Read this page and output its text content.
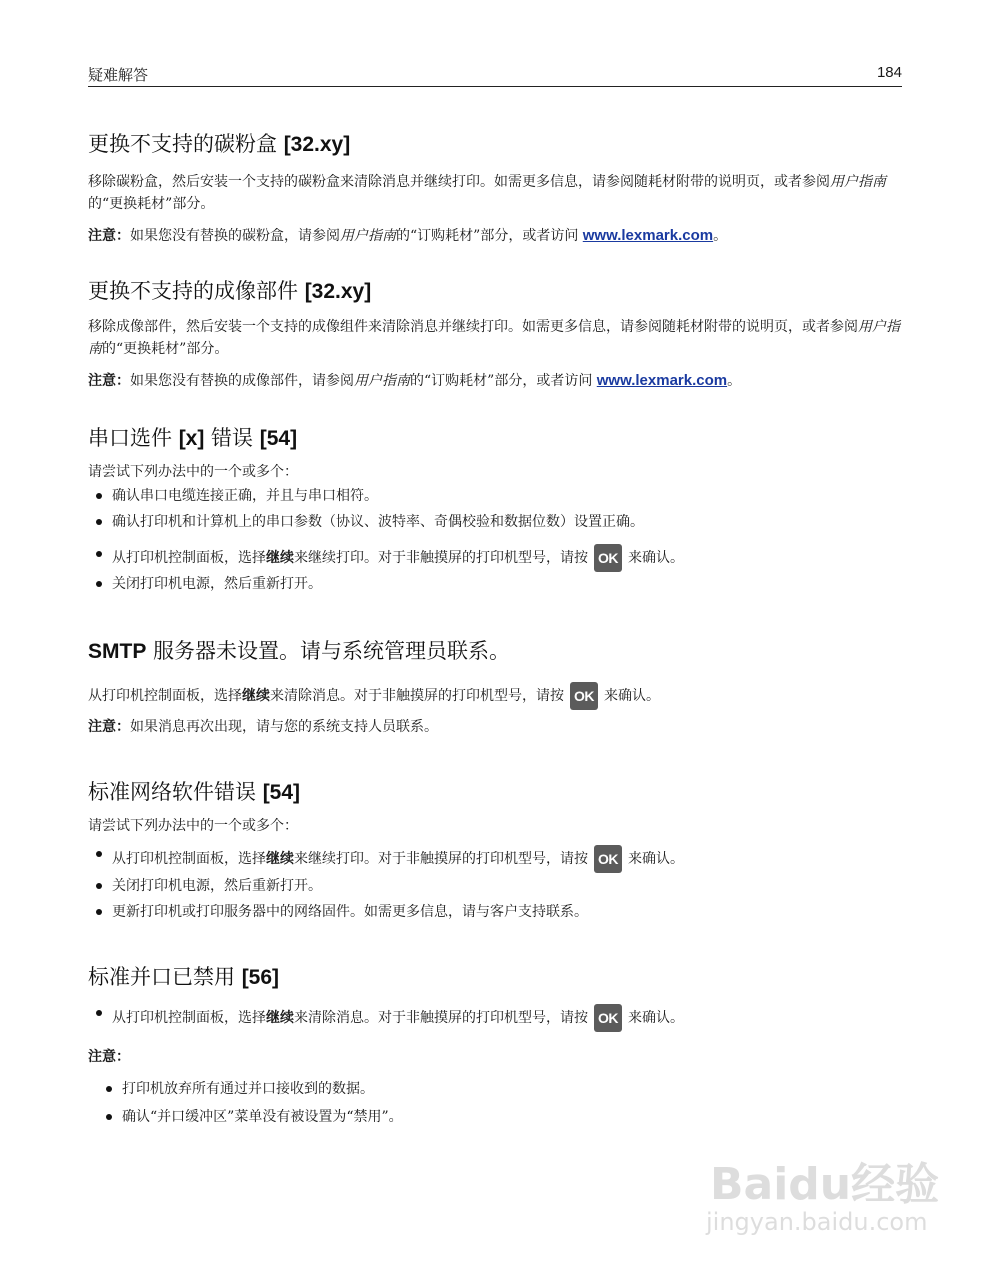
疑难解答	184
更换不支持的碳粉盒 [32.xy]

移除碳粉盒，然后安装一个支持的碳粉盒来清除消息并继续打印。如需更多信息，请参阅随耗材附带的说明页，或者参阅用户指南的“更换耗材”部分。

注意：如果您没有替换的碳粉盒，请参阅用户指南的“订购耗材”部分，或者访问 www.lexmark.com。

更换不支持的成像部件 [32.xy]

移除成像部件，然后安装一个支持的成像组件来清除消息并继续打印。如需更多信息，请参阅随耗材附带的说明页，或者参阅用户指南的“更换耗材”部分。

注意：如果您没有替换的成像部件，请参阅用户指南的“订购耗材”部分，或者访问 www.lexmark.com。

串口选件 [x] 错误 [54]

请尝试下列办法中的一个或多个：

确认串口电缆连接正确，并且与串口相符。
确认打印机和计算机上的串口参数（协议、波特率、奇偶校验和数据位数）设置正确。
从打印机控制面板，选择继续来继续打印。对于非触摸屏的打印机型号，请按 OK 来确认。
关闭打印机电源，然后重新打开。
SMTP 服务器未设置。请与系统管理员联系。

从打印机控制面板，选择继续来清除消息。对于非触摸屏的打印机型号，请按 OK 来确认。

注意：如果消息再次出现，请与您的系统支持人员联系。

标准网络软件错误 [54]

请尝试下列办法中的一个或多个：

从打印机控制面板，选择继续来继续打印。对于非触摸屏的打印机型号，请按 OK 来确认。
关闭打印机电源，然后重新打开。
更新打印机或打印服务器中的网络固件。如需更多信息，请与客户支持联系。
标准并口已禁用 [56]
从打印机控制面板，选择继续来清除消息。对于非触摸屏的打印机型号，请按 OK 来确认。

注意：

打印机放弃所有通过并口接收到的数据。
确认“并口缓冲区”菜单没有被设置为“禁用”。
Baidu经验
jingyan.baidu.com
